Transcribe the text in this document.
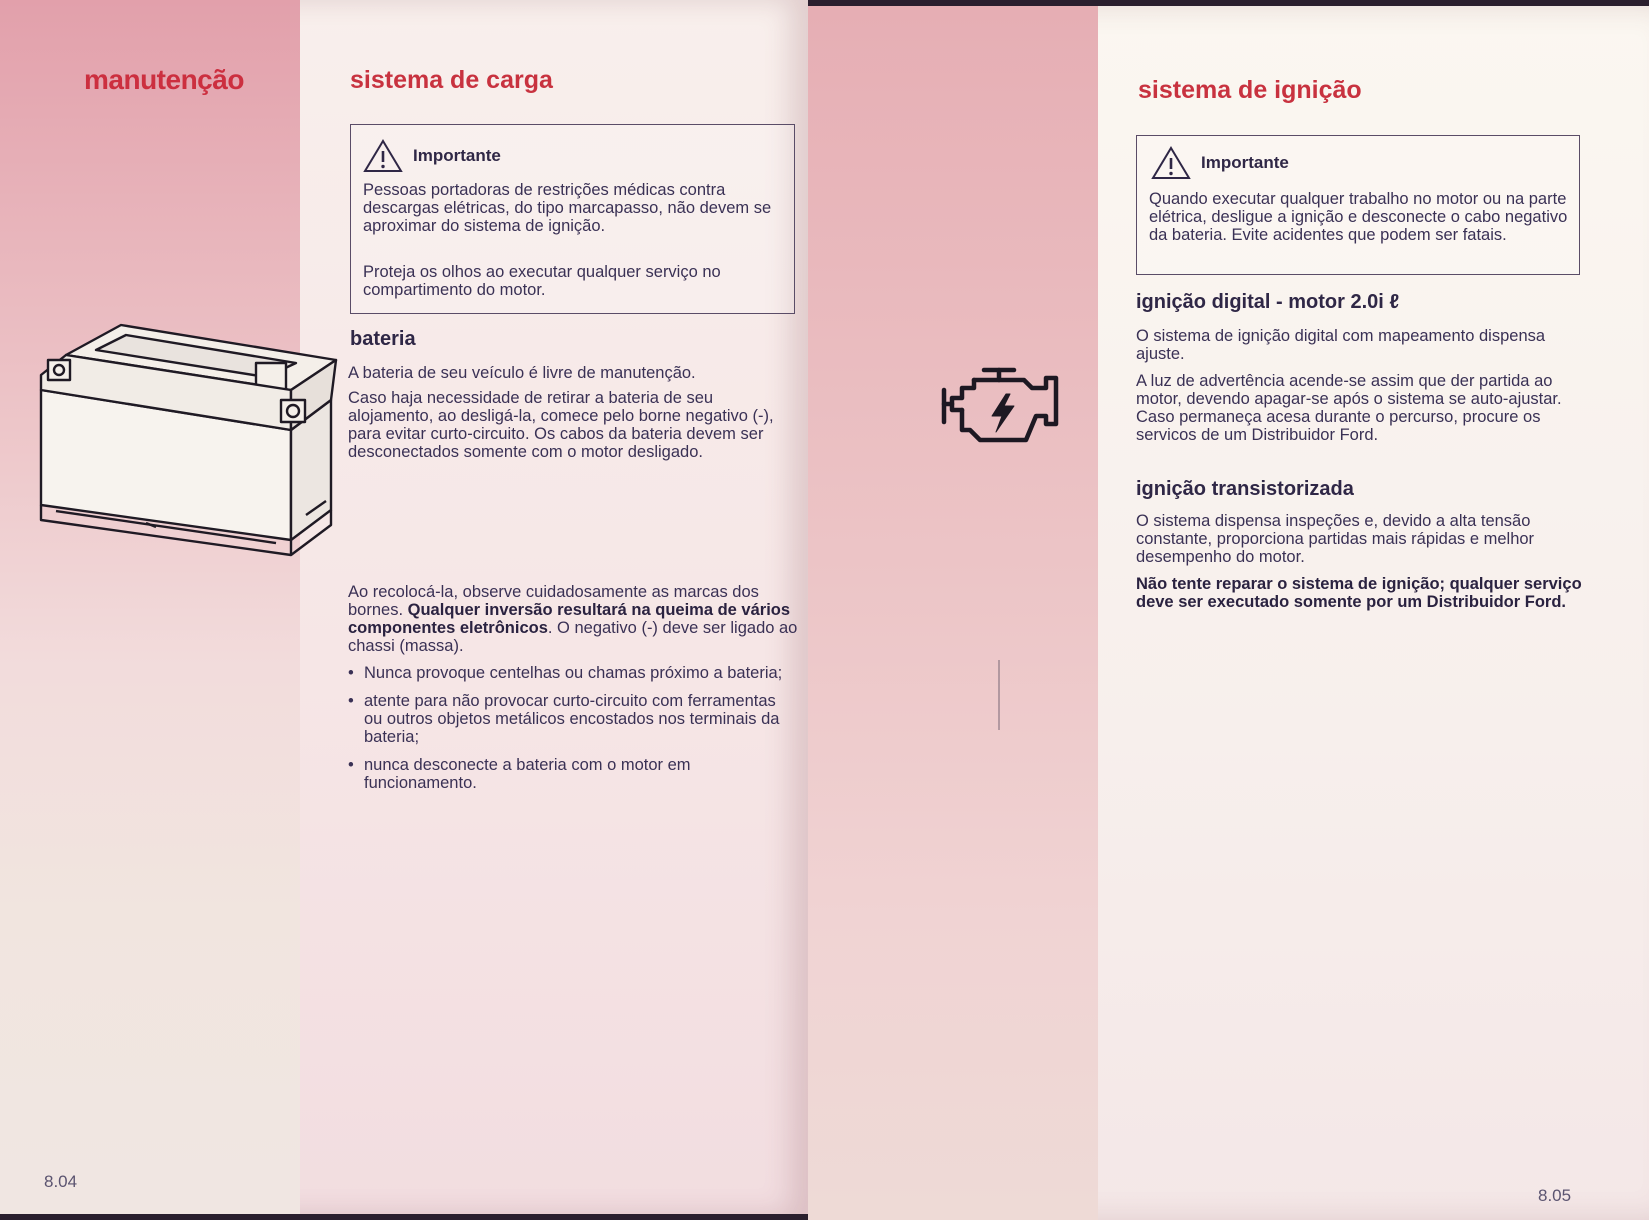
manutenção	sistema de carga
Importante

Pessoas portadoras de restrições médicas contra descargas elétricas, do tipo marcapasso, não devem se aproximar do sistema de ignição.

Proteja os olhos ao executar qualquer serviço no compartimento do motor.

bateria

A bateria de seu veículo é livre de manutenção.

Caso haja necessidade de retirar a bateria de seu alojamento, ao desligá-la, comece pelo borne negativo (-), para evitar curto-circuito. Os cabos da bateria devem ser desconectados somente com o motor desligado.

Ao recolocá-la, observe cuidadosamente as marcas dos bornes. Qualquer inversão resultará na queima de vários componentes eletrônicos. O negativo (-) deve ser ligado ao chassi (massa).

• Nunca provoque centelhas ou chamas próximo a bateria;
• atente para não provocar curto-circuito com ferramentas ou outros objetos metálicos encostados nos terminais da bateria;
• nunca desconecte a bateria com o motor em funcionamento.

8.04

sistema de ignição
Importante

Quando executar qualquer trabalho no motor ou na parte elétrica, desligue a ignição e desconecte o cabo negativo da bateria. Evite acidentes que podem ser fatais.

ignição digital - motor 2.0i ℓ

O sistema de ignição digital com mapeamento dispensa ajuste.

A luz de advertência acende-se assim que der partida ao motor, devendo apagar-se após o sistema se auto-ajustar. Caso permaneça acesa durante o percurso, procure os servicos de um Distribuidor Ford.

ignição transistorizada

O sistema dispensa inspeções e, devido a alta tensão constante, proporciona partidas mais rápidas e melhor desempenho do motor.

Não tente reparar o sistema de ignição; qualquer serviço deve ser executado somente por um Distribuidor Ford.

8.05
